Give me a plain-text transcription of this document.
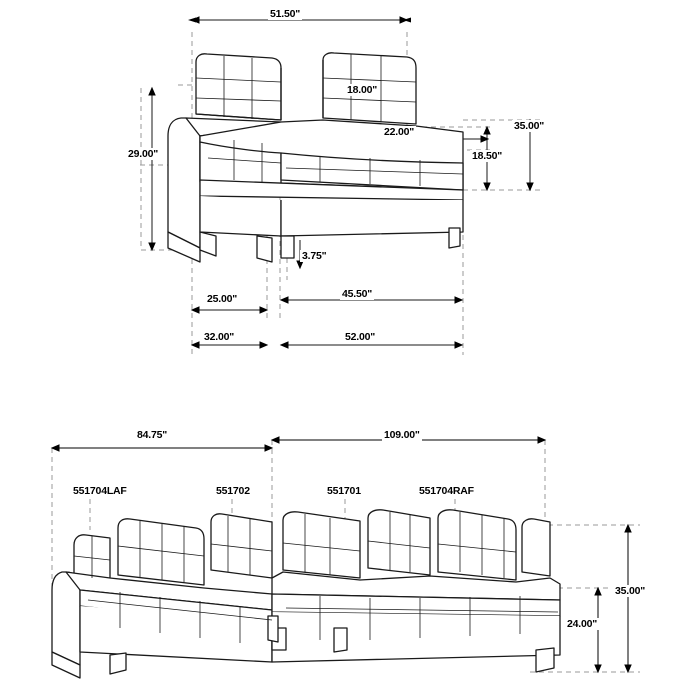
51.50"
18.00"
22.00"	35.00"
29.00"	18.50"
3.75"
25.00"	45.50"
32.00"	52.00"
84.75"	109.00"
35.00"
24.00"
551704LAF	551702	551701	551704RAF
